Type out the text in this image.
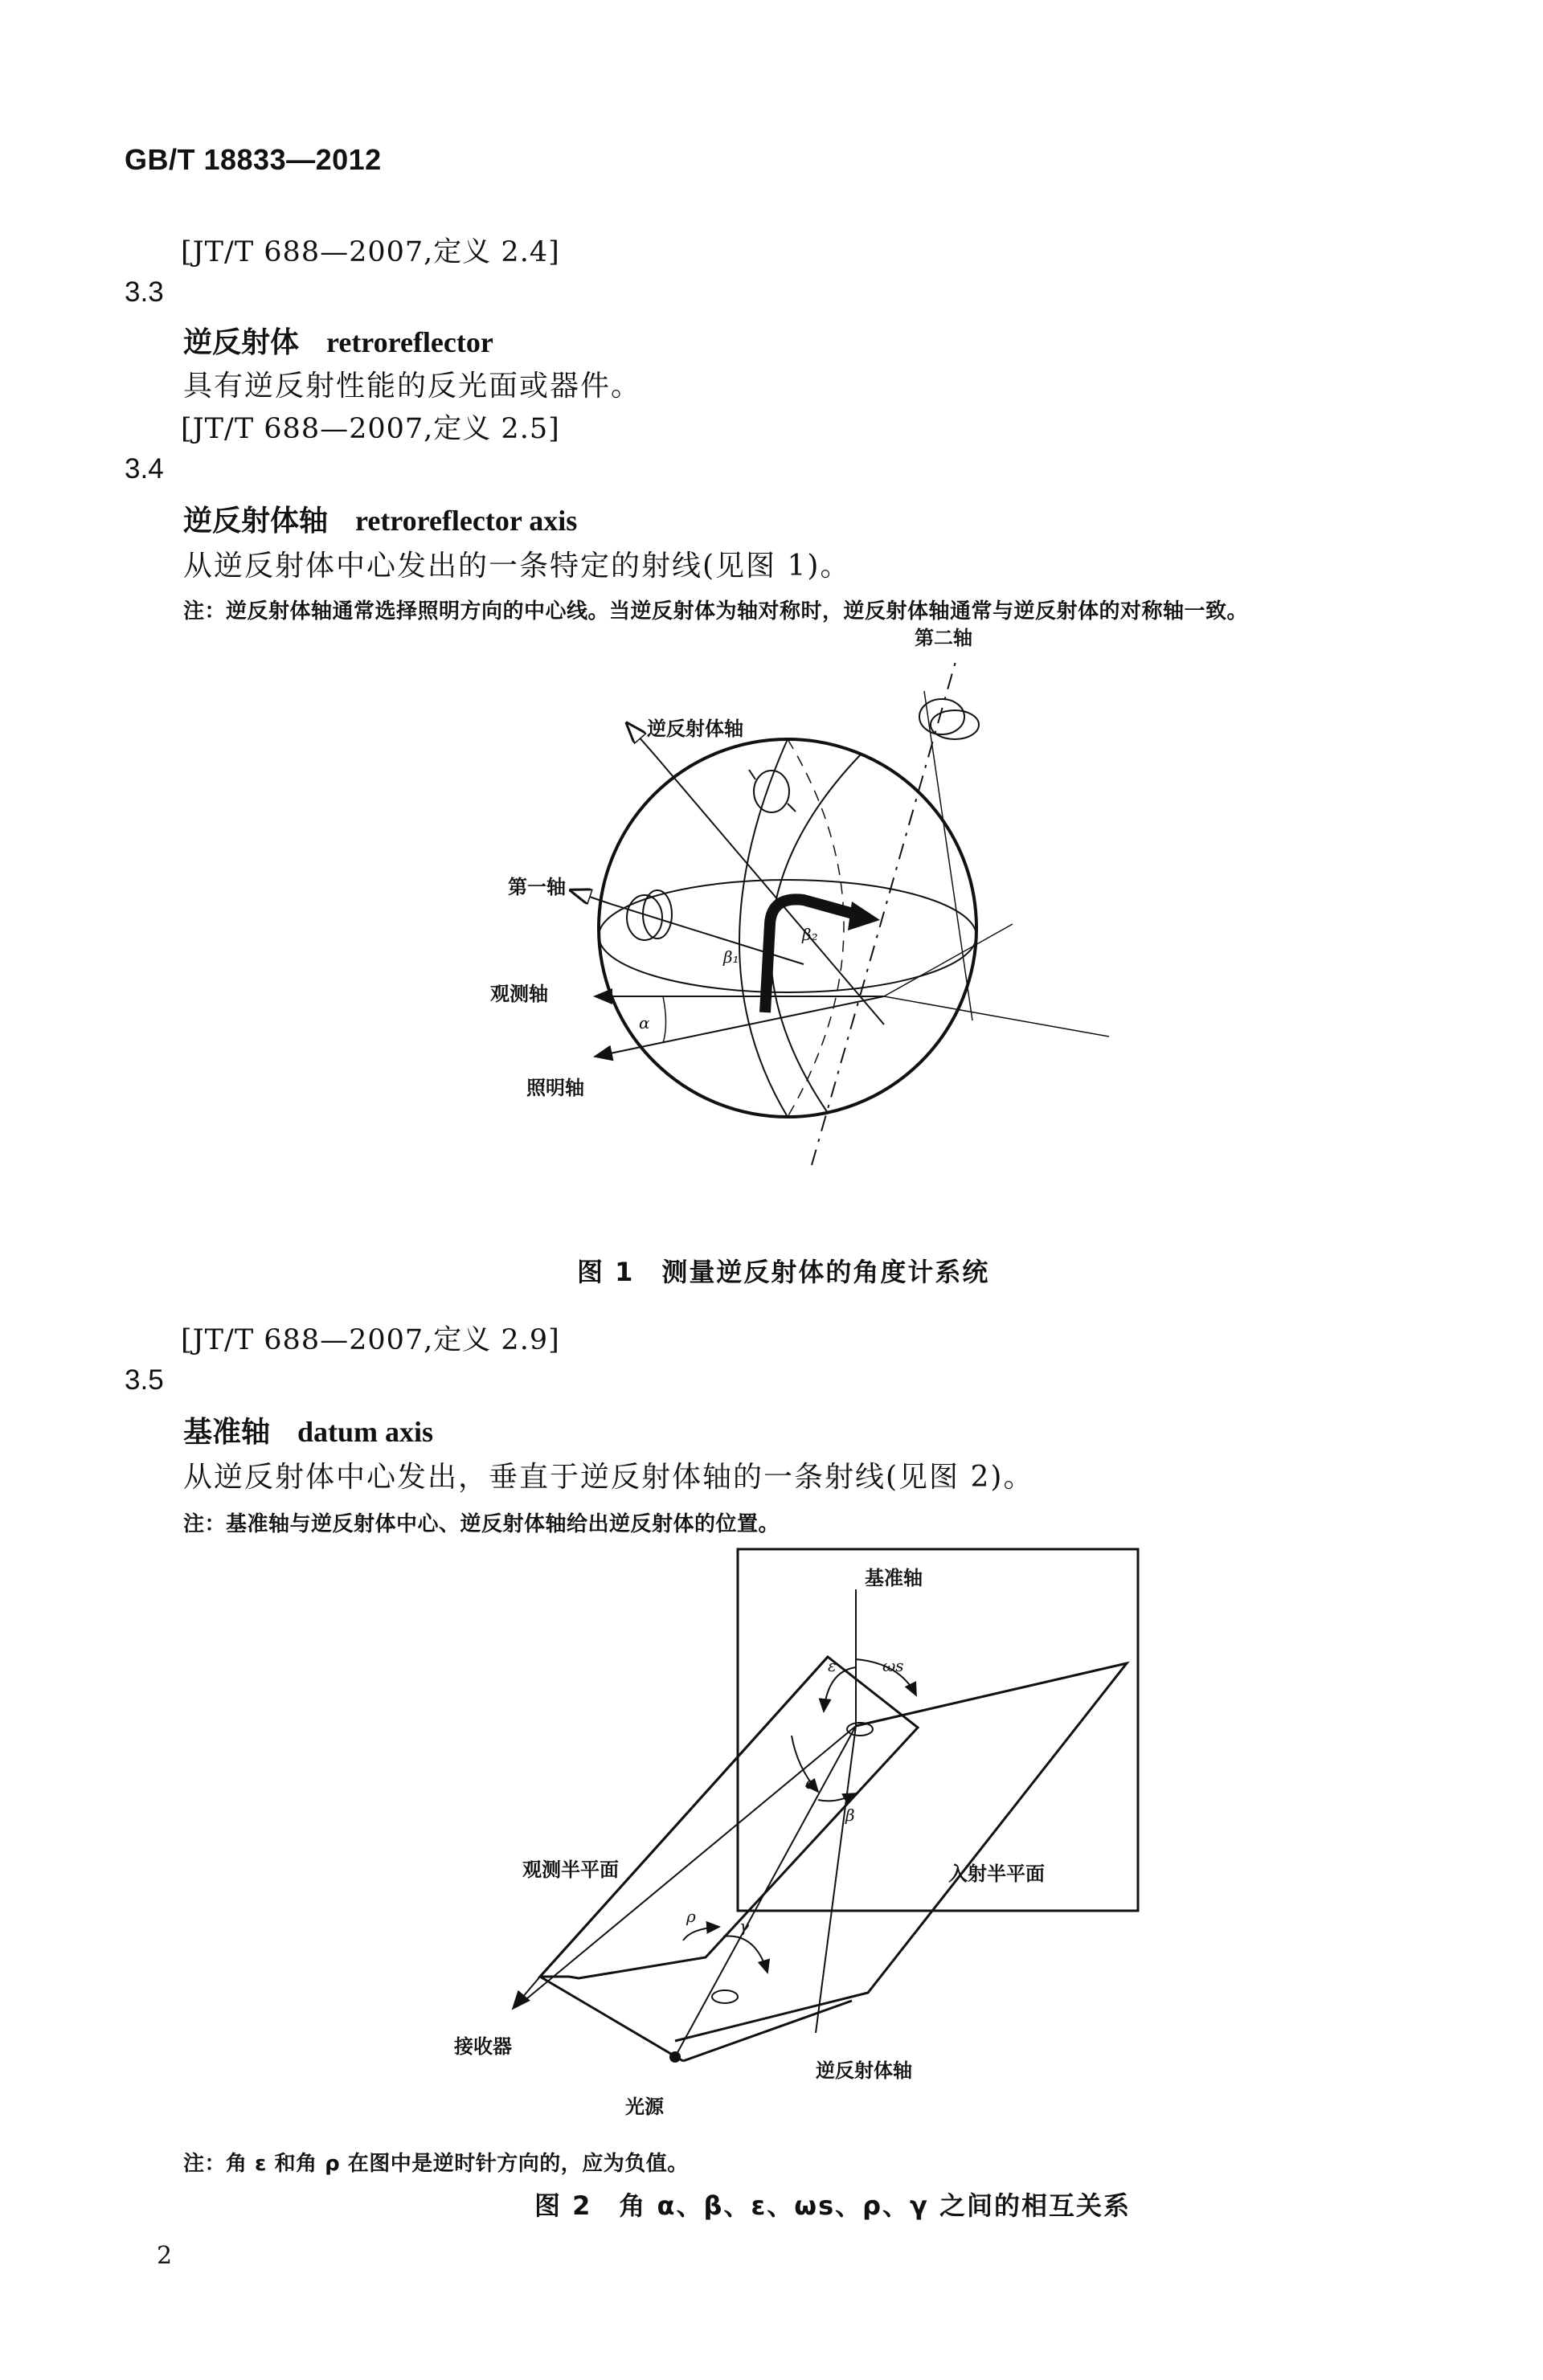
GB/T 18833—2012
[JT/T 688—2007,定义 2.4]
3.3
逆反射体 retroreflector
具有逆反射性能的反光面或器件。
[JT/T 688—2007,定义 2.5]
3.4
逆反射体轴 retroreflector axis
从逆反射体中心发出的一条特定的射线(见图 1)。
注：逆反射体轴通常选择照明方向的中心线。当逆反射体为轴对称时，逆反射体轴通常与逆反射体的对称轴一致。
第二轴
逆反射体轴
第一轴
观测轴
照明轴
α
β₁
β₂
图 1　测量逆反射体的角度计系统
[JT/T 688—2007,定义 2.9]
3.5
基准轴 datum axis
从逆反射体中心发出，垂直于逆反射体轴的一条射线(见图 2)。
注：基准轴与逆反射体中心、逆反射体轴给出逆反射体的位置。
入射半平面
基准轴
ε	ωs
α
β
ρ	γ
观测半平面
接收器
光源
逆反射体轴
注：角 ε 和角 ρ 在图中是逆时针方向的，应为负值。
图 2　角 α、β、ε、ωs、ρ、γ 之间的相互关系
2
